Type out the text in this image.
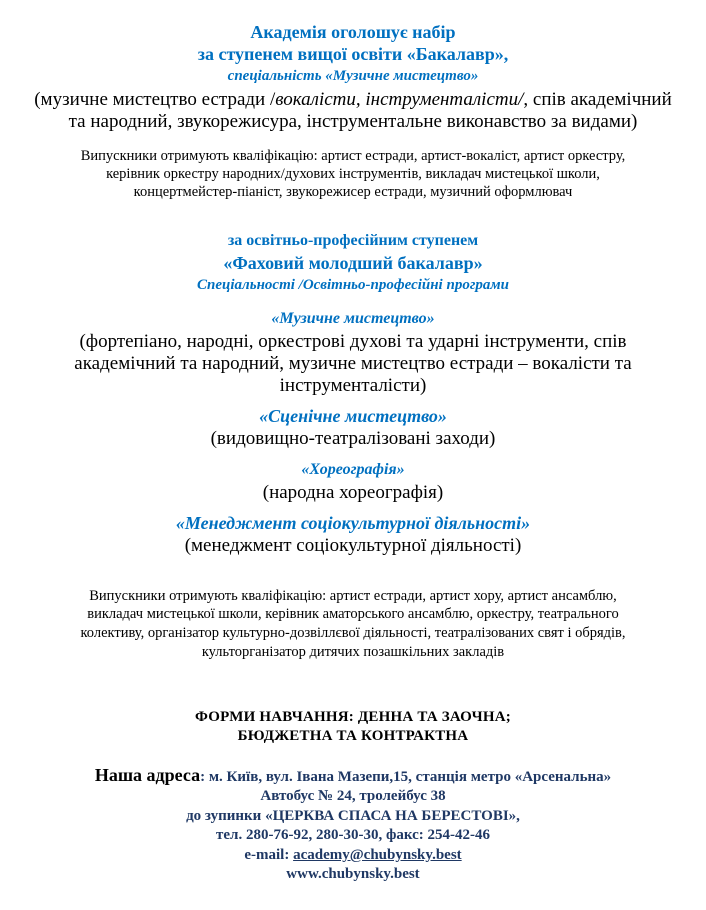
Академія оголошує набір
за ступенем вищої освіти «Бакалавр»,
спеціальність «Музичне мистецтво»
(музичне мистецтво естради /вокалісти, інструменталісти/, спів академічний
та народний, звукорежисура, інструментальне виконавство за видами)
Випускники отримують кваліфікацію: артист естради, артист-вокаліст, артист оркестру,
керівник оркестру народних/духових інструментів, викладач мистецької школи,
концертмейстер-піаніст, звукорежисер естради, музичний оформлювач
за освітньо-професійним ступенем
«Фаховий молодший бакалавр»
Спеціальності /Освітньо-професійні програми
«Музичне мистецтво»
(фортепіано, народні, оркестрові духові та ударні інструменти, спів
академічний та народний, музичне мистецтво естради – вокалісти та
інструменталісти)
«Сценічне мистецтво»
(видовищно-театралізовані заходи)
«Хореографія»
(народна хореографія)
«Менеджмент соціокультурної діяльності»
(менеджмент соціокультурної діяльності)
Випускники отримують кваліфікацію: артист естради, артист хору, артист ансамблю,
викладач мистецької школи, керівник аматорського ансамблю, оркестру, театрального
колективу, організатор культурно-дозвіллєвої діяльності, театралізованих свят і обрядів,
культорганізатор дитячих позашкільних закладів
ФОРМИ НАВЧАННЯ: ДЕННА ТА ЗАОЧНА;
БЮДЖЕТНА ТА КОНТРАКТНА
Наша адреса: м. Київ, вул. Івана Мазепи,15, станція метро «Арсенальна»
Автобус № 24, тролейбус 38
до зупинки «ЦЕРКВА СПАСА НА БЕРЕСТОВІ»,
тел. 280-76-92, 280-30-30, факс: 254-42-46
e-mail: academy@chubynsky.best
www.chubynsky.best
